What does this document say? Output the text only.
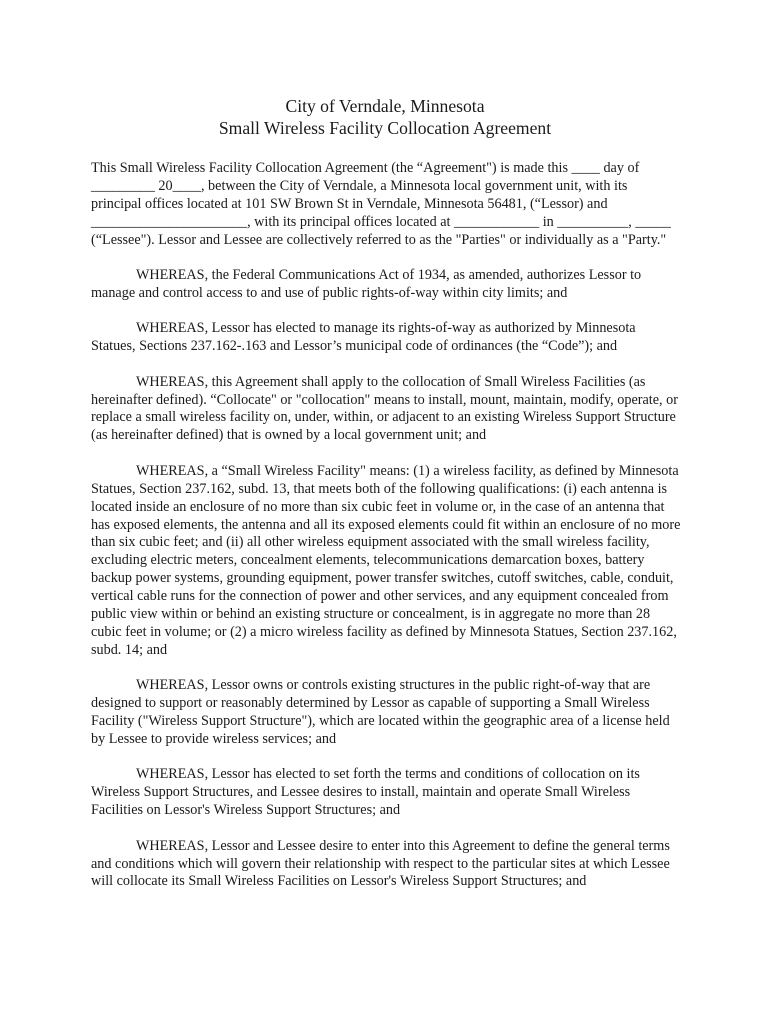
City of Verndale, Minnesota
Small Wireless Facility Collocation Agreement

This Small Wireless Facility Collocation Agreement (the “Agreement") is made this ____ day of _________ 20____, between the City of Verndale, a Minnesota local government unit, with its principal offices located at 101 SW Brown St in Verndale, Minnesota 56481, (“Lessor) and ______________________, with its principal offices located at ____________ in __________, _____ (“Lessee"). Lessor and Lessee are collectively referred to as the "Parties" or individually as a "Party."

WHEREAS, the Federal Communications Act of 1934, as amended, authorizes Lessor to manage and control access to and use of public rights-of-way within city limits; and

WHEREAS, Lessor has elected to manage its rights-of-way as authorized by Minnesota Statues, Sections 237.162-.163 and Lessor’s municipal code of ordinances (the “Code”); and

WHEREAS, this Agreement shall apply to the collocation of Small Wireless Facilities (as hereinafter defined). “Collocate" or "collocation" means to install, mount, maintain, modify, operate, or replace a small wireless facility on, under, within, or adjacent to an existing Wireless Support Structure (as hereinafter defined) that is owned by a local government unit; and

WHEREAS, a “Small Wireless Facility" means: (1) a wireless facility, as defined by Minnesota Statues, Section 237.162, subd. 13, that meets both of the following qualifications: (i) each antenna is located inside an enclosure of no more than six cubic feet in volume or, in the case of an antenna that has exposed elements, the antenna and all its exposed elements could fit within an enclosure of no more than six cubic feet; and (ii) all other wireless equipment associated with the small wireless facility, excluding electric meters, concealment elements, telecommunications demarcation boxes, battery backup power systems, grounding equipment, power transfer switches, cutoff switches, cable, conduit, vertical cable runs for the connection of power and other services, and any equipment concealed from public view within or behind an existing structure or concealment, is in aggregate no more than 28 cubic feet in volume; or (2) a micro wireless facility as defined by Minnesota Statues, Section 237.162, subd. 14; and

WHEREAS, Lessor owns or controls existing structures in the public right-of-way that are designed to support or reasonably determined by Lessor as capable of supporting a Small Wireless Facility ("Wireless Support Structure"), which are located within the geographic area of a license held by Lessee to provide wireless services; and

WHEREAS, Lessor has elected to set forth the terms and conditions of collocation on its Wireless Support Structures, and Lessee desires to install, maintain and operate Small Wireless Facilities on Lessor's Wireless Support Structures; and

WHEREAS, Lessor and Lessee desire to enter into this Agreement to define the general terms and conditions which will govern their relationship with respect to the particular sites at which Lessee will collocate its Small Wireless Facilities on Lessor's Wireless Support Structures; and
